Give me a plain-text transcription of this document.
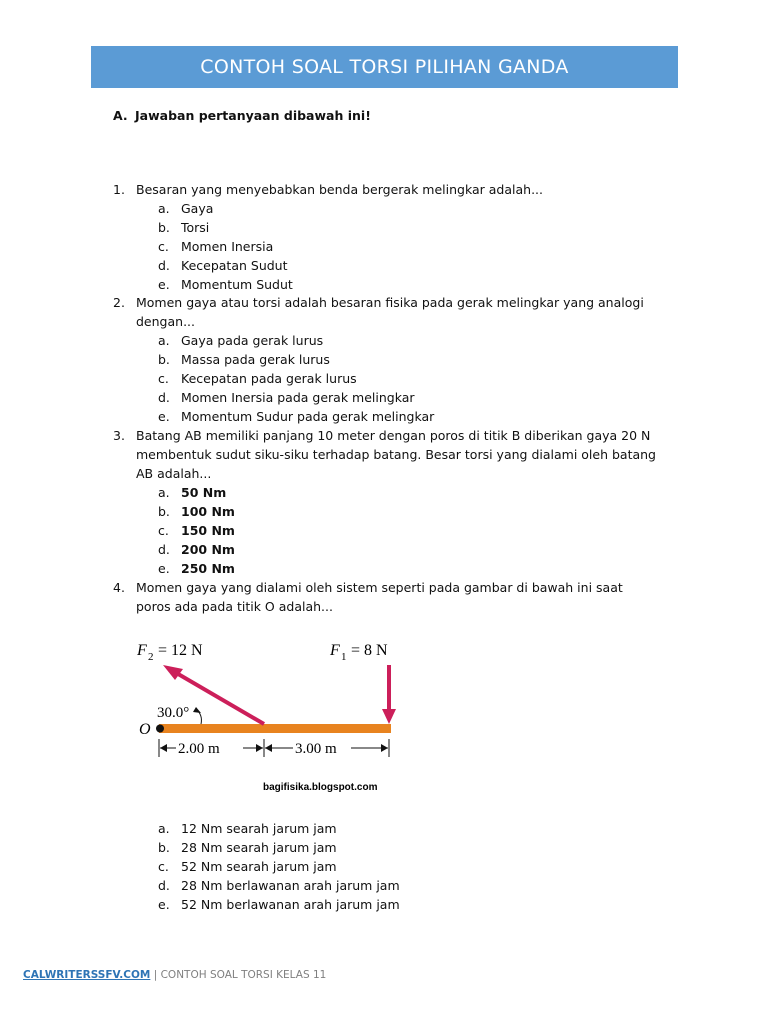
CONTOH SOAL TORSI PILIHAN GANDA
A. Jawaban pertanyaan dibawah ini!
1. Besaran yang menyebabkan benda bergerak melingkar adalah...
a. Gaya
b. Torsi
c. Momen Inersia
d. Kecepatan Sudut
e. Momentum Sudut
2. Momen gaya atau torsi adalah besaran fisika pada gerak melingkar yang analogi dengan...
a. Gaya pada gerak lurus
b. Massa pada gerak lurus
c. Kecepatan pada gerak lurus
d. Momen Inersia pada gerak melingkar
e. Momentum Sudur pada gerak melingkar
3. Batang AB memiliki panjang 10 meter dengan poros di titik B diberikan gaya 20 N membentuk sudut siku-siku terhadap batang. Besar torsi yang dialami oleh batang AB adalah...
a. 50 Nm
b. 100 Nm
c. 150 Nm
d. 200 Nm
e. 250 Nm
4. Momen gaya yang dialami oleh sistem seperti pada gambar di bawah ini saat poros ada pada titik O adalah...
F 2 = 12 N	F 1 = 8 N
O
30.0°
2.00 m	3.00 m
bagifisika.blogspot.com
a. 12 Nm searah jarum jam
b. 28 Nm searah jarum jam
c. 52 Nm searah jarum jam
d. 28 Nm berlawanan arah jarum jam
e. 52 Nm berlawanan arah jarum jam
CALWRITERSSFV.COM | CONTOH SOAL TORSI KELAS 11
